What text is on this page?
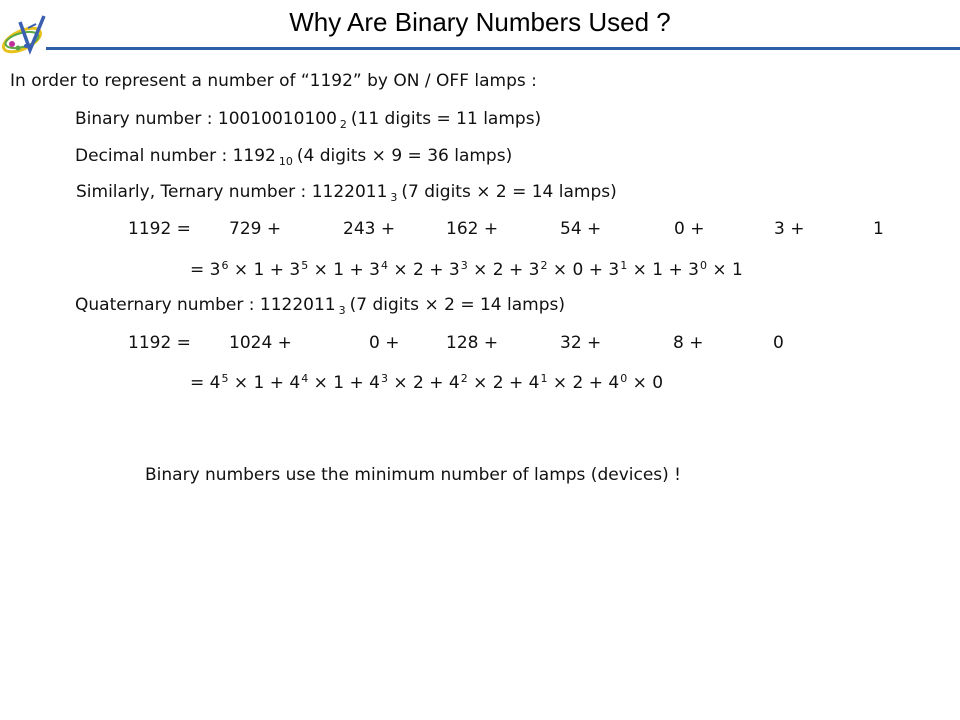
Why Are Binary Numbers Used ?
In order to represent a number of “1192” by ON / OFF lamps :
Binary number : 10010010100 $_2$ (11 digits = 11 lamps)
Decimal number : 1192 $_{10}$ (4 digits × 9 = 36 lamps)
Similarly, Ternary number : 1122011 $_3$ (7 digits × 2 = 14 lamps)
1192 = 729 +	243 +	162 +	54 +	0 +	3 +	1
= $3^6 \times 1 + 3^5 \times 1 + 3^4 \times 2 + 3^3 \times 2 + 3^2 \times 0 + 3^1 \times 1 + 3^0 \times 1$
Quaternary number : 1122011 $_3$ (7 digits × 2 = 14 lamps)
1192 = 1024 +	0 +	128 +	32 +	8 +	0
= $4^5 \times 1 + 4^4 \times 1 + 4^3 \times 2 + 4^2 \times 2 + 4^1 \times 2 + 4^0 \times 0$
Binary numbers use the minimum number of lamps (devices) !
